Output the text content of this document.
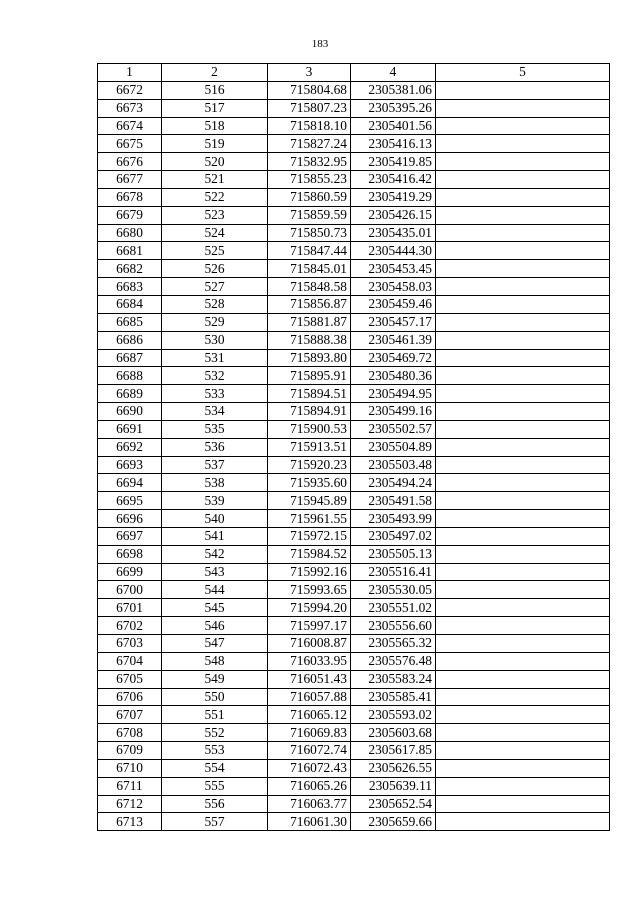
183
1	2	3	4	5
6672	516	715804.68	2305381.06	
6673	517	715807.23	2305395.26	
6674	518	715818.10	2305401.56	
6675	519	715827.24	2305416.13	
6676	520	715832.95	2305419.85	
6677	521	715855.23	2305416.42	
6678	522	715860.59	2305419.29	
6679	523	715859.59	2305426.15	
6680	524	715850.73	2305435.01	
6681	525	715847.44	2305444.30	
6682	526	715845.01	2305453.45	
6683	527	715848.58	2305458.03	
6684	528	715856.87	2305459.46	
6685	529	715881.87	2305457.17	
6686	530	715888.38	2305461.39	
6687	531	715893.80	2305469.72	
6688	532	715895.91	2305480.36	
6689	533	715894.51	2305494.95	
6690	534	715894.91	2305499.16	
6691	535	715900.53	2305502.57	
6692	536	715913.51	2305504.89	
6693	537	715920.23	2305503.48	
6694	538	715935.60	2305494.24	
6695	539	715945.89	2305491.58	
6696	540	715961.55	2305493.99	
6697	541	715972.15	2305497.02	
6698	542	715984.52	2305505.13	
6699	543	715992.16	2305516.41	
6700	544	715993.65	2305530.05	
6701	545	715994.20	2305551.02	
6702	546	715997.17	2305556.60	
6703	547	716008.87	2305565.32	
6704	548	716033.95	2305576.48	
6705	549	716051.43	2305583.24	
6706	550	716057.88	2305585.41	
6707	551	716065.12	2305593.02	
6708	552	716069.83	2305603.68	
6709	553	716072.74	2305617.85	
6710	554	716072.43	2305626.55	
6711	555	716065.26	2305639.11	
6712	556	716063.77	2305652.54	
6713	557	716061.30	2305659.66	
